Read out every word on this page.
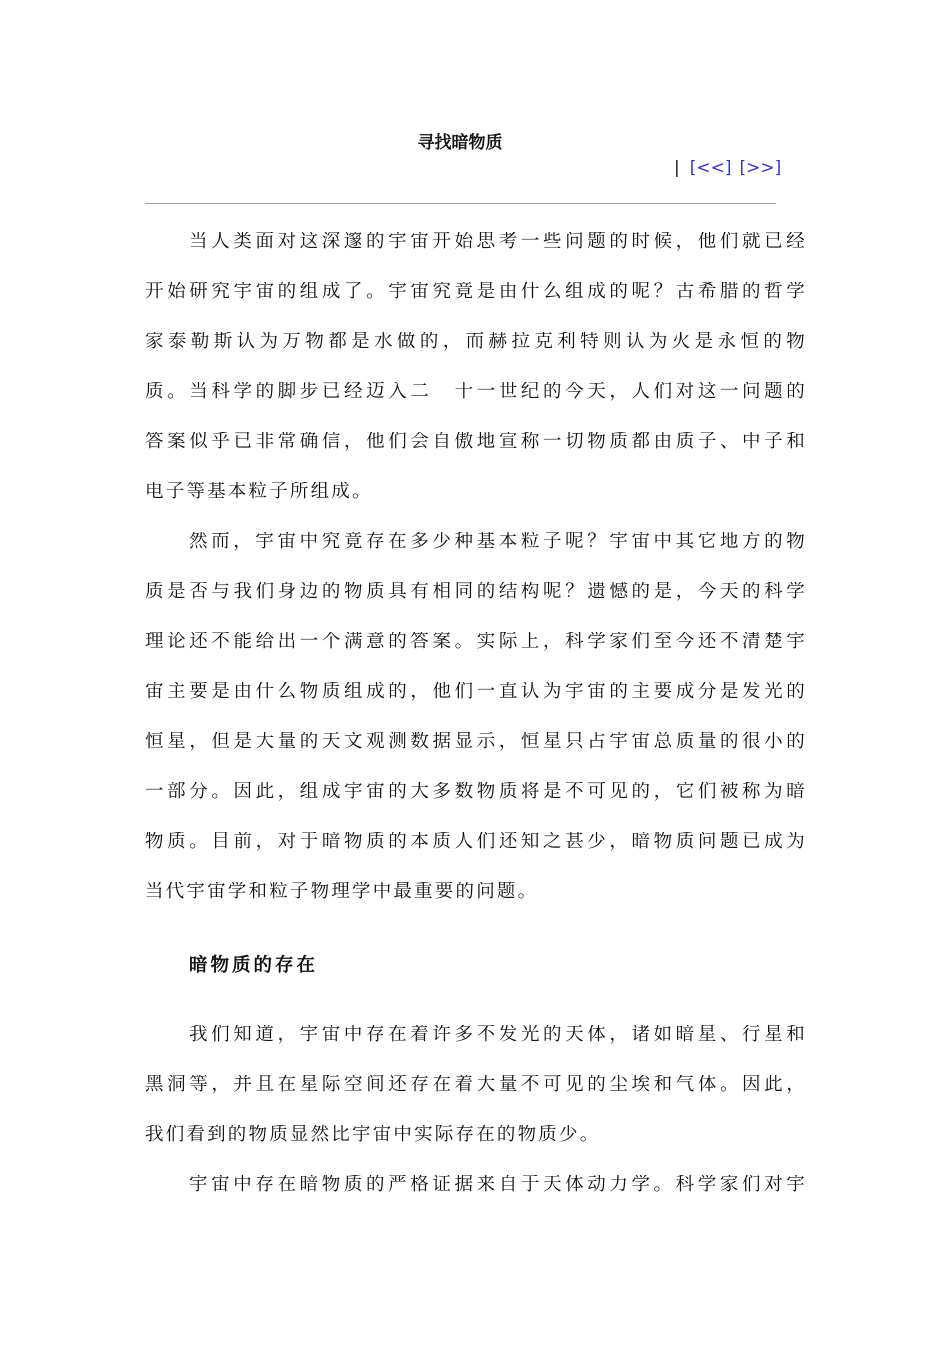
寻找暗物质
| [<<] [>>]
当人类面对这深邃的宇宙开始思考一些问题的时候，他们就已经
开始研究宇宙的组成了。宇宙究竟是由什么组成的呢？古希腊的哲学
家泰勒斯认为万物都是水做的，而赫拉克利特则认为火是永恒的物
质。当科学的脚步已经迈入二　十一世纪的今天，人们对这一问题的
答案似乎已非常确信，他们会自傲地宣称一切物质都由质子、中子和
电子等基本粒子所组成。
然而，宇宙中究竟存在多少种基本粒子呢？宇宙中其它地方的物
质是否与我们身边的物质具有相同的结构呢？遗憾的是，今天的科学
理论还不能给出一个满意的答案。实际上，科学家们至今还不清楚宇
宙主要是由什么物质组成的，他们一直认为宇宙的主要成分是发光的
恒星，但是大量的天文观测数据显示，恒星只占宇宙总质量的很小的
一部分。因此，组成宇宙的大多数物质将是不可见的，它们被称为暗
物质。目前，对于暗物质的本质人们还知之甚少，暗物质问题已成为
当代宇宙学和粒子物理学中最重要的问题。
暗物质的存在
我们知道，宇宙中存在着许多不发光的天体，诸如暗星、行星和
黑洞等，并且在星际空间还存在着大量不可见的尘埃和气体。因此，
我们看到的物质显然比宇宙中实际存在的物质少。
宇宙中存在暗物质的严格证据来自于天体动力学。科学家们对宇
